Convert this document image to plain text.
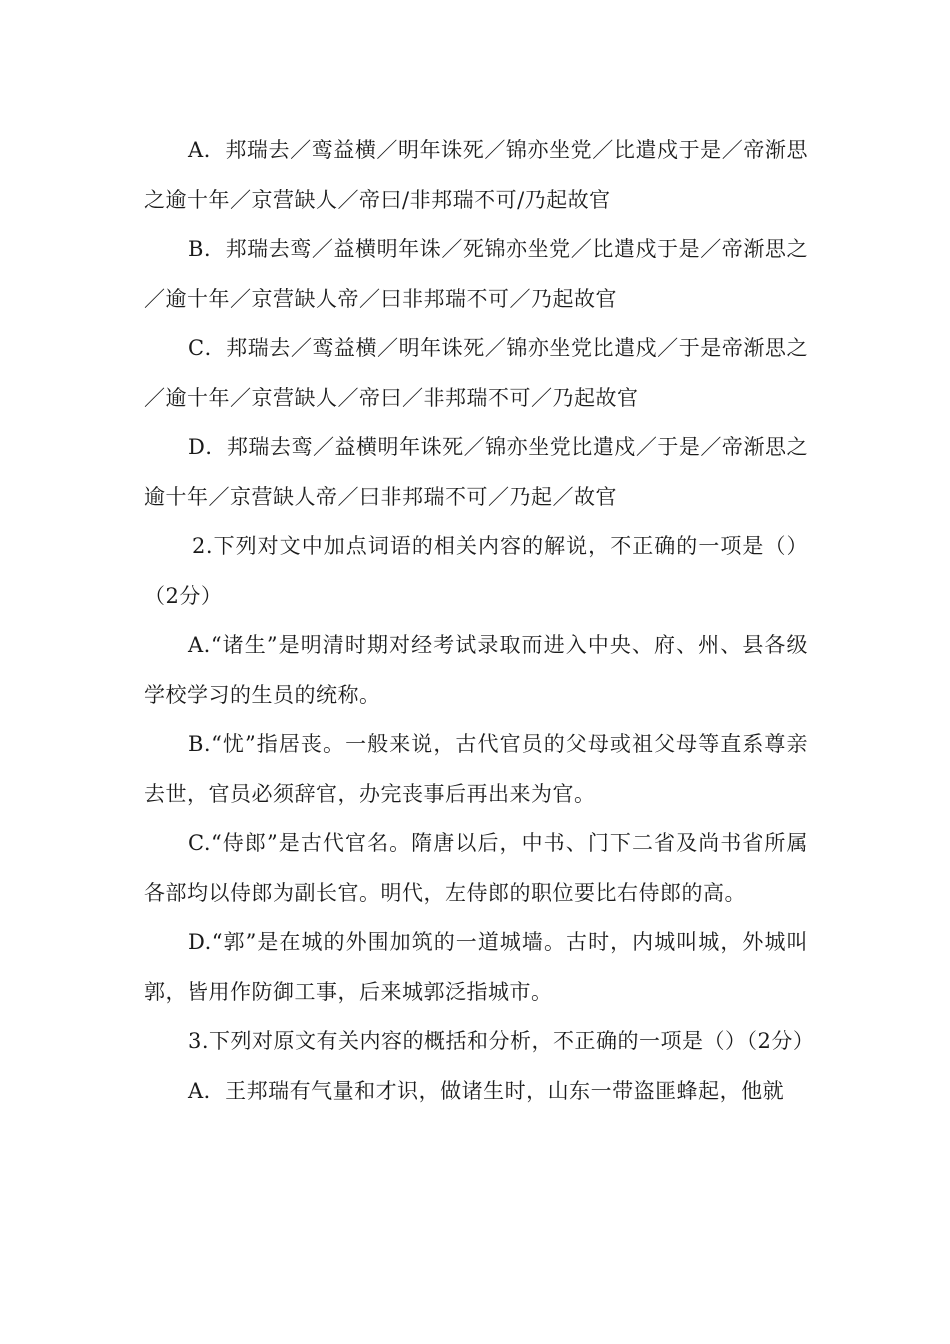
A．邦瑞去／鸾益横／明年诛死／锦亦坐党／比遣戍于是／帝渐思之逾十年／京营缺人／帝曰/非邦瑞不可/乃起故官

B．邦瑞去鸾／益横明年诛／死锦亦坐党／比遣戍于是／帝渐思之／逾十年／京营缺人帝／曰非邦瑞不可／乃起故官

C．邦瑞去／鸾益横／明年诛死／锦亦坐党比遣戍／于是帝渐思之／逾十年／京营缺人／帝曰／非邦瑞不可／乃起故官

D．邦瑞去鸾／益横明年诛死／锦亦坐党比遣戍／于是／帝渐思之逾十年／京营缺人帝／曰非邦瑞不可／乃起／故官

2.下列对文中加点词语的相关内容的解说，不正确的一项是（）（2分）

A.“诸生”是明清时期对经考试录取而进入中央、府、州、县各级学校学习的生员的统称。

B.“忧”指居丧。一般来说，古代官员的父母或祖父母等直系尊亲去世，官员必须辞官，办完丧事后再出来为官。

C.“侍郎”是古代官名。隋唐以后，中书、门下二省及尚书省所属各部均以侍郎为副长官。明代，左侍郎的职位要比右侍郎的高。

D.“郭”是在城的外围加筑的一道城墙。古时，内城叫城，外城叫郭，皆用作防御工事，后来城郭泛指城市。

3.下列对原文有关内容的概括和分析，不正确的一项是（）（2分）

A．王邦瑞有气量和才识，做诸生时，山东一带盗匪蜂起，他就
